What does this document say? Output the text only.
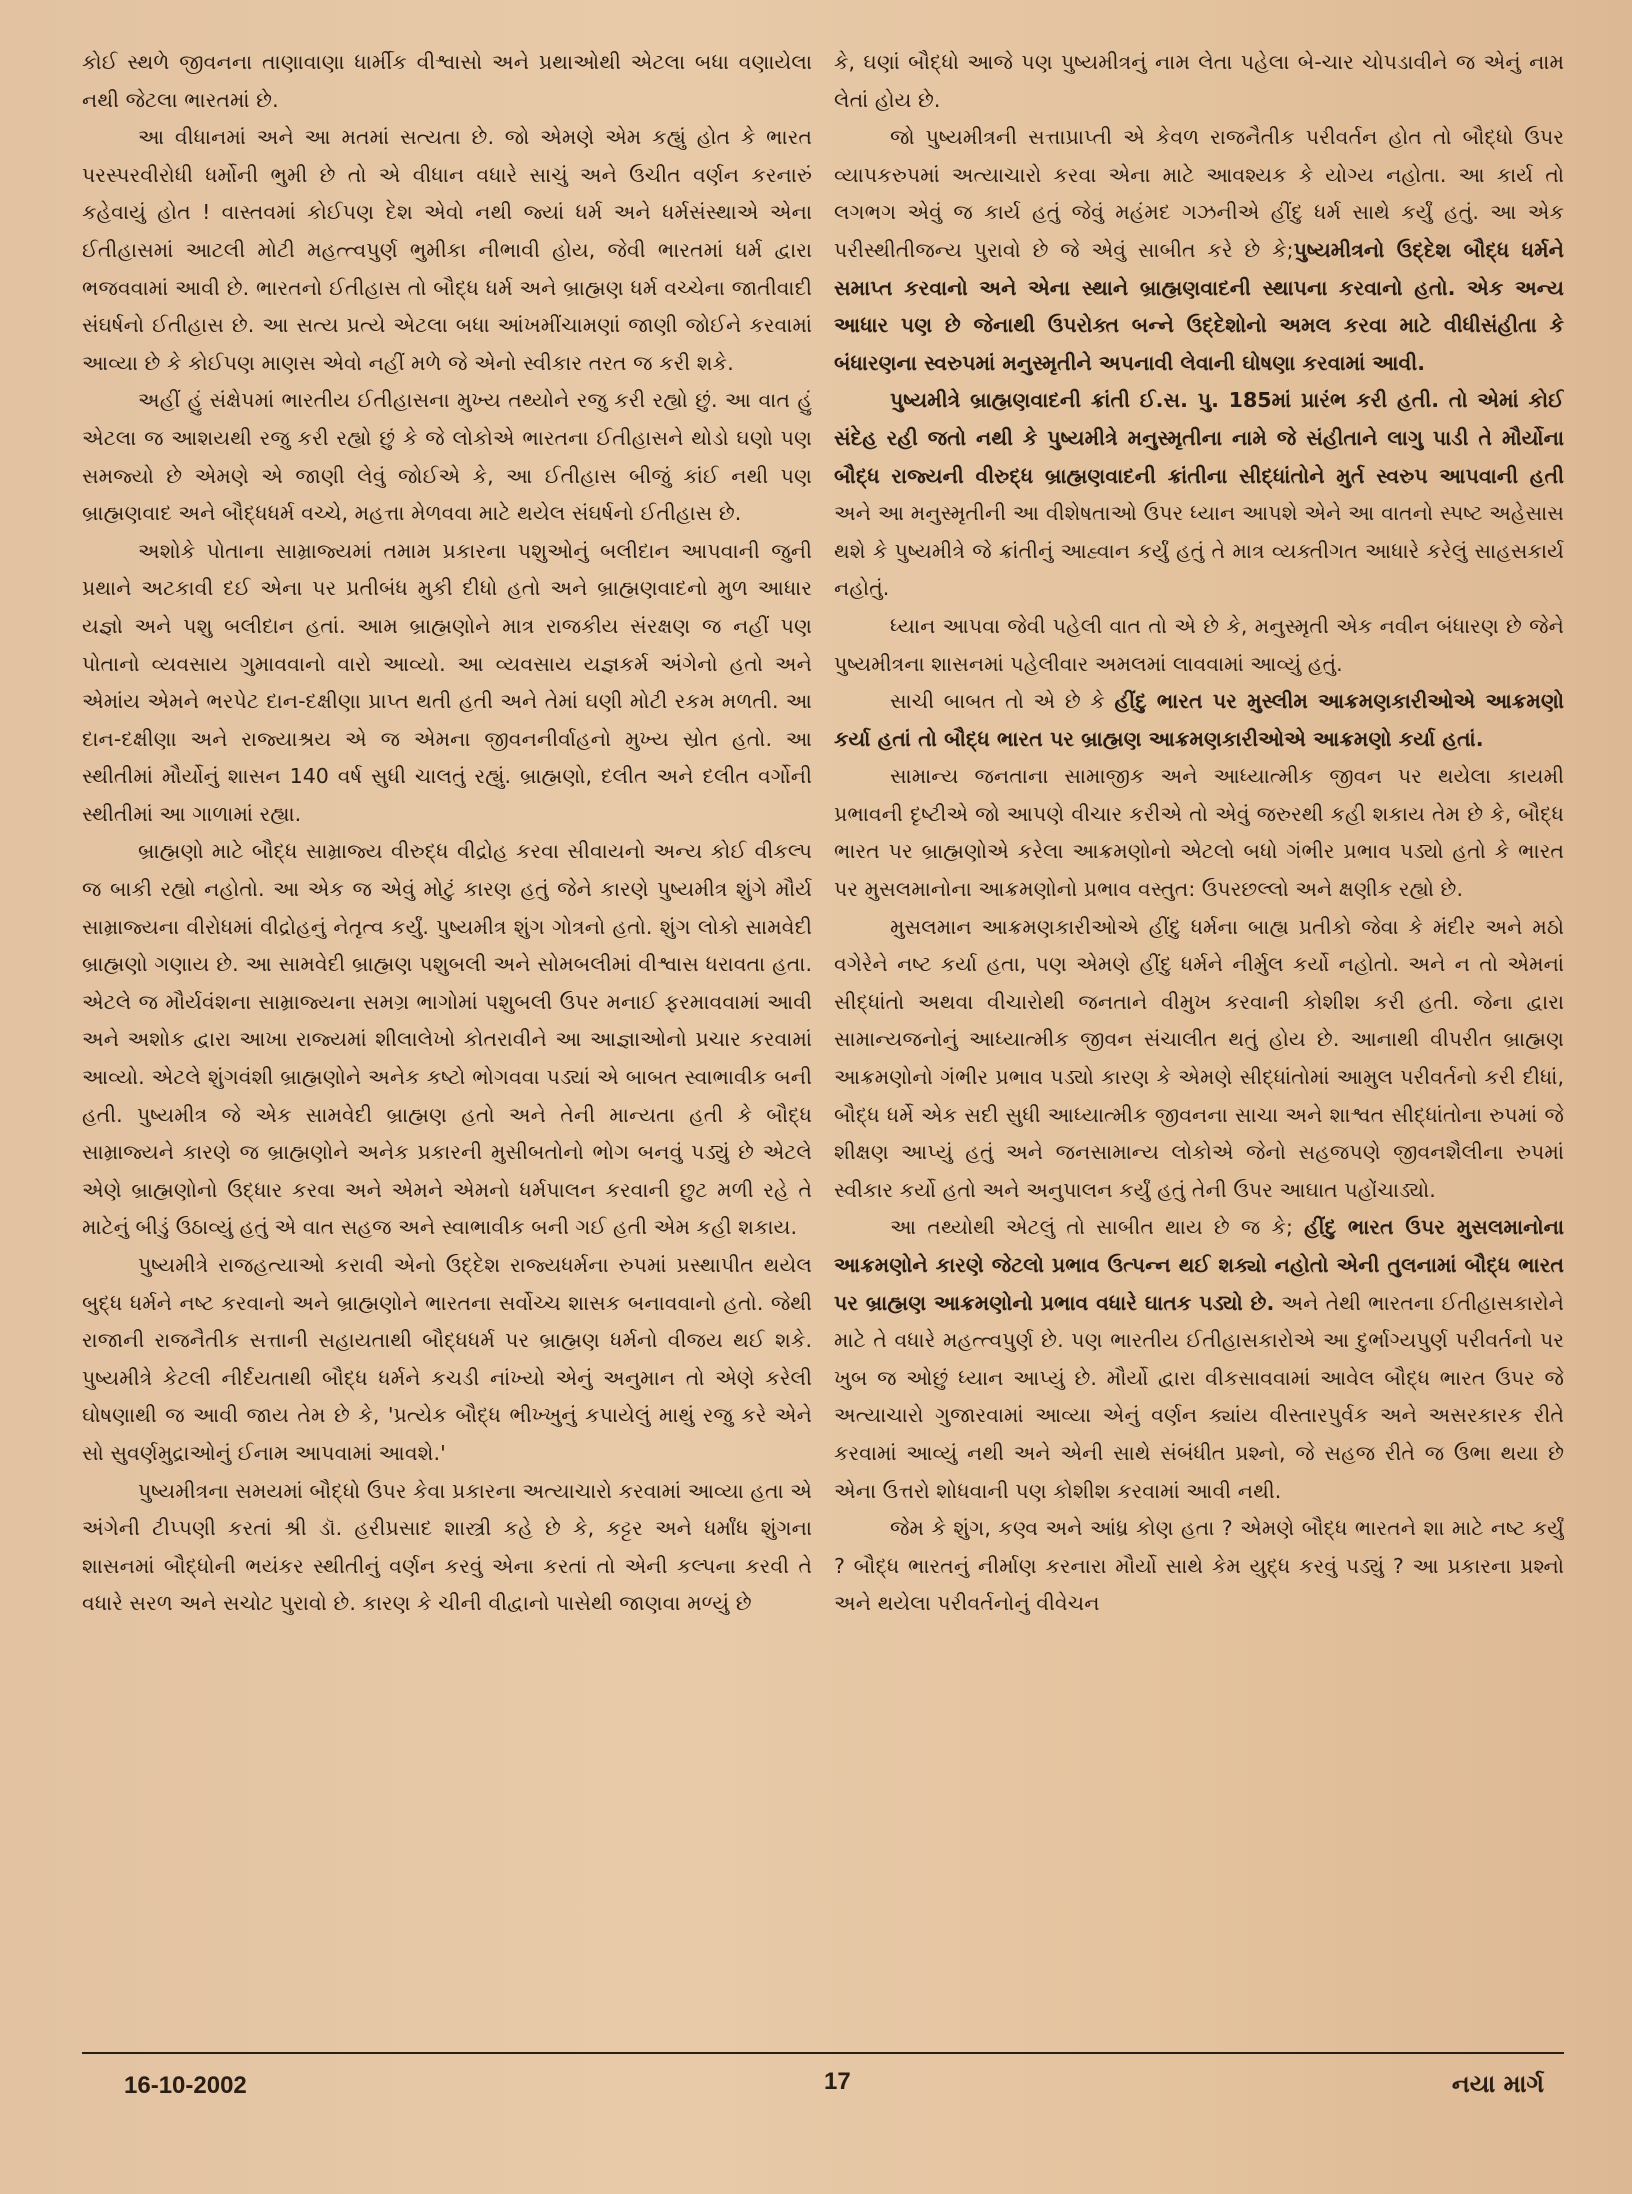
કોઈ સ્થળે જીવનના તાણાવાણા ધાર્મીક વીશ્વાસો અને પ્રથાઓથી એટલા બધા વણાયેલા નથી જેટલા ભારતમાં છે.

આ વીધાનમાં અને આ મતમાં સત્યતા છે. જો એમણે એમ કહ્યું હોત કે ભારત પરસ્પરવીરોધી ધર્મોની ભુમી છે તો એ વીધાન વધારે સાચું અને ઉચીત વર્ણન કરનારું કહેવાયું હોત ! વાસ્તવમાં કોઈપણ દેશ એવો નથી જ્યાં ધર્મ અને ધર્મસંસ્થાએ એના ઈતીહાસમાં આટલી મોટી મહત્ત્વપુર્ણ ભુમીકા નીભાવી હોય, જેવી ભારતમાં ધર્મ દ્વારા ભજવવામાં આવી છે. ભારતનો ઈતીહાસ તો બૌદ્ધ ધર્મ અને બ્રાહ્મણ ધર્મ વચ્ચેના જાતીવાદી સંઘર્ષનો ઈતીહાસ છે. આ સત્ય પ્રત્યે એટલા બધા આંખમીંચામણાં જાણી જોઈને કરવામાં આવ્યા છે કે કોઈપણ માણસ એવો નહીં મળે જે એનો સ્વીકાર તરત જ કરી શકે.

અહીં હું સંક્ષેપમાં ભારતીય ઈતીહાસના મુખ્ય તથ્યોને રજુ કરી રહ્યો છું. આ વાત હું એટલા જ આશયથી રજુ કરી રહ્યો છું કે જે લોકોએ ભારતના ઈતીહાસને થોડો ઘણો પણ સમજ્યો છે એમણે એ જાણી લેવું જોઈએ કે, આ ઈતીહાસ બીજું કાંઈ નથી પણ બ્રાહ્મણવાદ અને બૌદ્ધધર્મ વચ્ચે, મહત્તા મેળવવા માટે થયેલ સંઘર્ષનો ઈતીહાસ છે.

અશોકે પોતાના સામ્રાજ્યમાં તમામ પ્રકારના પશુઓનું બલીદાન આપવાની જુની પ્રથાને અટકાવી દઈ એના પર પ્રતીબંધ મુકી દીધો હતો અને બ્રાહ્મણવાદનો મુળ આધાર યજ્ઞો અને પશુ બલીદાન હતાં. આમ બ્રાહ્મણોને માત્ર રાજકીય સંરક્ષણ જ નહીં પણ પોતાનો વ્યવસાય ગુમાવવાનો વારો આવ્યો. આ વ્યવસાય યજ્ઞકર્મ અંગેનો હતો અને એમાંય એમને ભરપેટ દાન-દક્ષીણા પ્રાપ્ત થતી હતી અને તેમાં ઘણી મોટી રકમ મળતી. આ દાન-દક્ષીણા અને રાજ્યાશ્રય એ જ એમના જીવનનીર્વાહનો મુખ્ય સ્રોત હતો. આ સ્થીતીમાં મૌર્યોનું શાસન 140 વર્ષ સુધી ચાલતું રહ્યું. બ્રાહ્મણો, દલીત અને દલીત વર્ગોની સ્થીતીમાં આ ગાળામાં રહ્યા.

બ્રાહ્મણો માટે બૌદ્ધ સામ્રાજ્ય વીરુદ્ધ વીદ્રોહ કરવા સીવાયનો અન્ય કોઈ વીકલ્પ જ બાકી રહ્યો નહોતો. આ એક જ એવું મોટું કારણ હતું જેને કારણે પુષ્યમીત્ર શુંગે મૌર્ય સામ્રાજ્યના વીરોધમાં વીદ્રોહનું નેતૃત્વ કર્યું. પુષ્યમીત્ર શુંગ ગોત્રનો હતો. શુંગ લોકો સામવેદી બ્રાહ્મણો ગણાય છે. આ સામવેદી બ્રાહ્મણ પશુબલી અને સોમબલીમાં વીશ્વાસ ધરાવતા હતા. એટલે જ મૌર્યવંશના સામ્રાજ્યના સમગ્ર ભાગોમાં પશુબલી ઉપર મનાઈ ફરમાવવામાં આવી અને અશોક દ્વારા આખા રાજ્યમાં શીલાલેખો કોતરાવીને આ આજ્ઞાઓનો પ્રચાર કરવામાં આવ્યો. એટલે શુંગવંશી બ્રાહ્મણોને અનેક કષ્ટો ભોગવવા પડ્યાં એ બાબત સ્વાભાવીક બની હતી. પુષ્યમીત્ર જે એક સામવેદી બ્રાહ્મણ હતો અને તેની માન્યતા હતી કે બૌદ્ધ સામ્રાજ્યને કારણે જ બ્રાહ્મણોને અનેક પ્રકારની મુસીબતોનો ભોગ બનવું પડ્યું છે એટલે એણે બ્રાહ્મણોનો ઉદ્ધાર કરવા અને એમને એમનો ધર્મપાલન કરવાની છુટ મળી રહે તે માટેનું બીડું ઉઠાવ્યું હતું એ વાત સહજ અને સ્વાભાવીક બની ગઈ હતી એમ કહી શકાય.

પુષ્યમીત્રે રાજહત્યાઓ કરાવી એનો ઉદ્દેશ રાજ્યધર્મના રુપમાં પ્રસ્થાપીત થયેલ બુદ્ધ ધર્મને નષ્ટ કરવાનો અને બ્રાહ્મણોને ભારતના સર્વોચ્ચ શાસક બનાવવાનો હતો. જેથી રાજાની રાજનૈતીક સત્તાની સહાયતાથી બૌદ્ધધર્મ પર બ્રાહ્મણ ધર્મનો વીજય થઈ શકે. પુષ્યમીત્રે કેટલી નીર્દયતાથી બૌદ્ધ ધર્મને કચડી નાંખ્યો એનું અનુમાન તો એણે કરેલી ઘોષણાથી જ આવી જાય તેમ છે કે, 'પ્રત્યેક બૌદ્ધ ભીખ્ખુનું કપાયેલું માથું રજુ કરે એને સો સુવર્ણમુદ્રાઓનું ઈનામ આપવામાં આવશે.'

પુષ્યમીત્રના સમયમાં બૌદ્ધો ઉપર કેવા પ્રકારના અત્યાચારો કરવામાં આવ્યા હતા એ અંગેની ટીપ્પણી કરતાં શ્રી ડૉ. હરીપ્રસાદ શાસ્ત્રી કહે છે કે, કટ્ટર અને ધર્માંધ શુંગના શાસનમાં બૌદ્ધોની ભયંકર સ્થીતીનું વર્ણન કરવું એના કરતાં તો એની કલ્પના કરવી તે વધારે સરળ અને સચોટ પુરાવો છે. કારણ કે ચીની વીદ્વાનો પાસેથી જાણવા મળ્યું છે

કે, ઘણાં બૌદ્ધો આજે પણ પુષ્યમીત્રનું નામ લેતા પહેલા બે-ચાર ચોપડાવીને જ એનું નામ લેતાં હોય છે.

જો પુષ્યમીત્રની સત્તાપ્રાપ્તી એ કેવળ રાજનૈતીક પરીવર્તન હોત તો બૌદ્ધો ઉપર વ્યાપકરુપમાં અત્યાચારો કરવા એના માટે આવશ્યક કે યોગ્ય નહોતા. આ કાર્ય તો લગભગ એવું જ કાર્ય હતું જેવું મહંમદ ગઝનીએ હીંદુ ધર્મ સાથે કર્યું હતું. આ એક પરીસ્થીતીજન્ય પુરાવો છે જે એવું સાબીત કરે છે કે;પુષ્યમીત્રનો ઉદ્દેશ બૌદ્ધ ધર્મને સમાપ્ત કરવાનો અને એના સ્થાને બ્રાહ્મણવાદની સ્થાપના કરવાનો હતો. એક અન્ય આધાર પણ છે જેનાથી ઉપરોક્ત બન્ને ઉદ્દેશોનો અમલ કરવા માટે વીધીસંહીતા કે બંધારણના સ્વરુપમાં મનુસ્મૃતીને અપનાવી લેવાની ઘોષણા કરવામાં આવી.

પુષ્યમીત્રે બ્રાહ્મણવાદની ક્રાંતી ઈ.સ. પુ. 185માં પ્રારંભ કરી હતી. તો એમાં કોઈ સંદેહ રહી જતો નથી કે પુષ્યમીત્રે મનુસ્મૃતીના નામે જે સંહીતાને લાગુ પાડી તે મૌર્યોના બૌદ્ધ રાજ્યની વીરુદ્ધ બ્રાહ્મણવાદની ક્રાંતીના સીદ્ધાંતોને મુર્ત સ્વરુપ આપવાની હતી અને આ મનુસ્મૃતીની આ વીશેષતાઓ ઉપર ધ્યાન આપશે એને આ વાતનો સ્પષ્ટ અહેસાસ થશે કે પુષ્યમીત્રે જે ક્રાંતીનું આહ્વાન કર્યું હતું તે માત્ર વ્યક્તીગત આધારે કરેલું સાહસકાર્ય નહોતું.

ધ્યાન આપવા જેવી પહેલી વાત તો એ છે કે, મનુસ્મૃતી એક નવીન બંધારણ છે જેને પુષ્યમીત્રના શાસનમાં પહેલીવાર અમલમાં લાવવામાં આવ્યું હતું.

સાચી બાબત તો એ છે કે હીંદુ ભારત પર મુસ્લીમ આક્રમણકારીઓએ આક્રમણો કર્યા હતાં તો બૌદ્ધ ભારત પર બ્રાહ્મણ આક્રમણકારીઓએ આક્રમણો કર્યા હતાં.

સામાન્ય જનતાના સામાજીક અને આધ્યાત્મીક જીવન પર થયેલા કાયમી પ્રભાવની દૃષ્ટીએ જો આપણે વીચાર કરીએ તો એવું જરુરથી કહી શકાય તેમ છે કે, બૌદ્ધ ભારત પર બ્રાહ્મણોએ કરેલા આક્રમણોનો એટલો બધો ગંભીર પ્રભાવ પડ્યો હતો કે ભારત પર મુસલમાનોના આક્રમણોનો પ્રભાવ વસ્તુત: ઉપરછલ્લો અને ક્ષણીક રહ્યો છે.

મુસલમાન આક્રમણકારીઓએ હીંદુ ધર્મના બાહ્ય પ્રતીકો જેવા કે મંદીર અને મઠો વગેરેને નષ્ટ કર્યા હતા, પણ એમણે હીંદુ ધર્મને નીર્મુલ કર્યો નહોતો. અને ન તો એમનાં સીદ્ધાંતો અથવા વીચારોથી જનતાને વીમુખ કરવાની કોશીશ કરી હતી. જેના દ્વારા સામાન્યજનોનું આધ્યાત્મીક જીવન સંચાલીત થતું હોય છે. આનાથી વીપરીત બ્રાહ્મણ આક્રમણોનો ગંભીર પ્રભાવ પડ્યો કારણ કે એમણે સીદ્ધાંતોમાં આમુલ પરીવર્તનો કરી દીધાં, બૌદ્ધ ધર્મે એક સદી સુધી આધ્યાત્મીક જીવનના સાચા અને શાશ્વત સીદ્ધાંતોના રુપમાં જે શીક્ષણ આપ્યું હતું અને જનસામાન્ય લોકોએ જેનો સહજપણે જીવનશૈલીના રુપમાં સ્વીકાર કર્યો હતો અને અનુપાલન કર્યું હતું તેની ઉપર આઘાત પહોંચાડ્યો.

આ તથ્યોથી એટલું તો સાબીત થાય છે જ કે; હીંદુ ભારત ઉપર મુસલમાનોના આક્રમણોને કારણે જેટલો પ્રભાવ ઉત્પન્ન થઈ શક્યો નહોતો એની તુલનામાં બૌદ્ધ ભારત પર બ્રાહ્મણ આક્રમણોનો પ્રભાવ વધારે ઘાતક પડ્યો છે. અને તેથી ભારતના ઈતીહાસકારોને માટે તે વધારે મહત્ત્વપુર્ણ છે. પણ ભારતીય ઈતીહાસકારોએ આ દુર્ભાગ્યપુર્ણ પરીવર્તનો પર ખુબ જ ઓછું ધ્યાન આપ્યું છે. મૌર્યો દ્વારા વીકસાવવામાં આવેલ બૌદ્ધ ભારત ઉપર જે અત્યાચારો ગુજારવામાં આવ્યા એનું વર્ણન ક્યાંય વીસ્તારપુર્વક અને અસરકારક રીતે કરવામાં આવ્યું નથી અને એની સાથે સંબંધીત પ્રશ્નો, જે સહજ રીતે જ ઉભા થયા છે એના ઉત્તરો શોધવાની પણ કોશીશ કરવામાં આવી નથી.

જેમ કે શુંગ, કણ્વ અને આંધ્ર કોણ હતા ? એમણે બૌદ્ધ ભારતને શા માટે નષ્ટ કર્યું ? બૌદ્ધ ભારતનું નીર્માણ કરનારા મૌર્યો સાથે કેમ યુદ્ધ કરવું પડ્યું ? આ પ્રકારના પ્રશ્નો અને થયેલા પરીવર્તનોનું વીવેચન

16-10-2002	17	નયા માર્ગ
